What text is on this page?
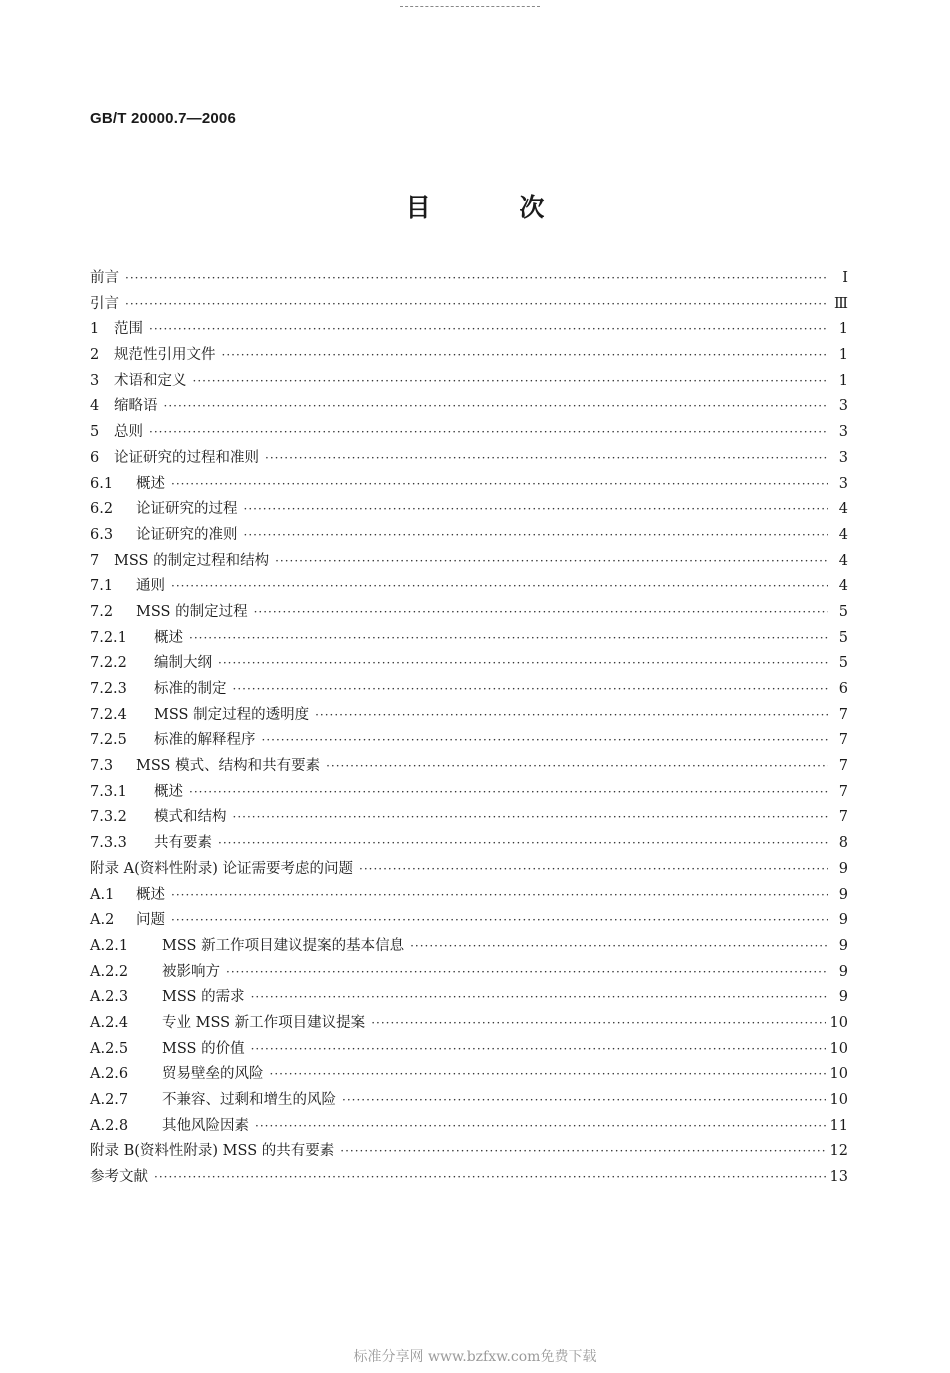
GB/T 20000.7—2006
目 次
前言 ·····	I
引言 ·····	Ⅲ
1	范围 ·····	1
2	规范性引用文件 ·····	1
3	术语和定义 ·····	1
4	缩略语 ·····	3
5	总则 ·····	3
6	论证研究的过程和准则 ·····	3
6.1	概述 ·····	3
6.2	论证研究的过程 ·····	4
6.3	论证研究的准则 ·····	4
7	MSS 的制定过程和结构 ·····	4
7.1	通则 ·····	4
7.2	MSS 的制定过程 ·····	5
7.2.1	概述 ·····	5
7.2.2	编制大纲 ·····	5
7.2.3	标准的制定 ·····	6
7.2.4	MSS 制定过程的透明度 ·····	7
7.2.5	标准的解释程序 ·····	7
7.3	MSS 模式、结构和共有要素 ·····	7
7.3.1	概述 ·····	7
7.3.2	模式和结构 ·····	7
7.3.3	共有要素 ·····	8
附录 A(资料性附录) 论证需要考虑的问题 ·····	9
A.1	概述 ·····	9
A.2	问题 ·····	9
A.2.1	MSS 新工作项目建议提案的基本信息 ·····	9
A.2.2	被影响方 ·····	9
A.2.3	MSS 的需求 ·····	9
A.2.4	专业 MSS 新工作项目建议提案 ·····	10
A.2.5	MSS 的价值 ·····	10
A.2.6	贸易壁垒的风险 ·····	10
A.2.7	不兼容、过剩和增生的风险 ·····	10
A.2.8	其他风险因素 ·····	11
附录 B(资料性附录) MSS 的共有要素 ·····	12
参考文献 ·····	13
标准分享网 www.bzfxw.com免费下载
